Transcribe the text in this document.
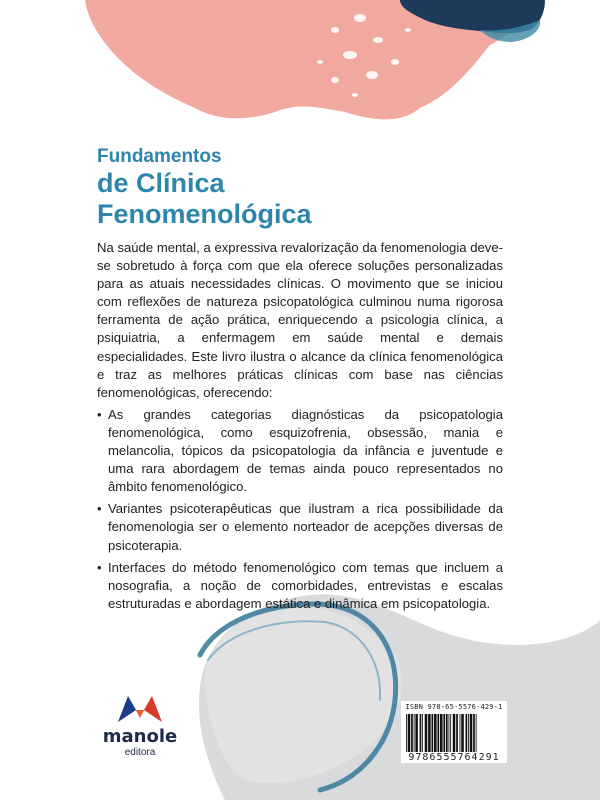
Fundamentos
de Clínica
Fenomenológica

Na saúde mental, a expressiva revalorização da fenomenologia deve-se sobretudo à força com que ela oferece soluções personalizadas para as atuais necessidades clínicas. O movimento que se iniciou com reflexões de natureza psicopatológica culminou numa rigorosa ferramenta de ação prática, enriquecendo a psicologia clínica, a psiquiatria, a enfermagem em saúde mental e demais especialidades. Este livro ilustra o alcance da clínica fenomenológica e traz as melhores práticas clínicas com base nas ciências fenomenológicas, oferecendo:

• As grandes categorias diagnósticas da psicopatologia fenomenológica, como esquizofrenia, obsessão, mania e melancolia, tópicos da psicopatologia da infância e juventude e uma rara abordagem de temas ainda pouco representados no âmbito fenomenológico.
• Variantes psicoterapêuticas que ilustram a rica possibilidade da fenomenologia ser o elemento norteador de acepções diversas de psicoterapia.
• Interfaces do método fenomenológico com temas que incluem a nosografia, a noção de comorbidades, entrevistas e escalas estruturadas e abordagem estática e dinâmica em psicopatologia.
manole
editora
ISBN 978-65-5576-429-1
9786555764291
